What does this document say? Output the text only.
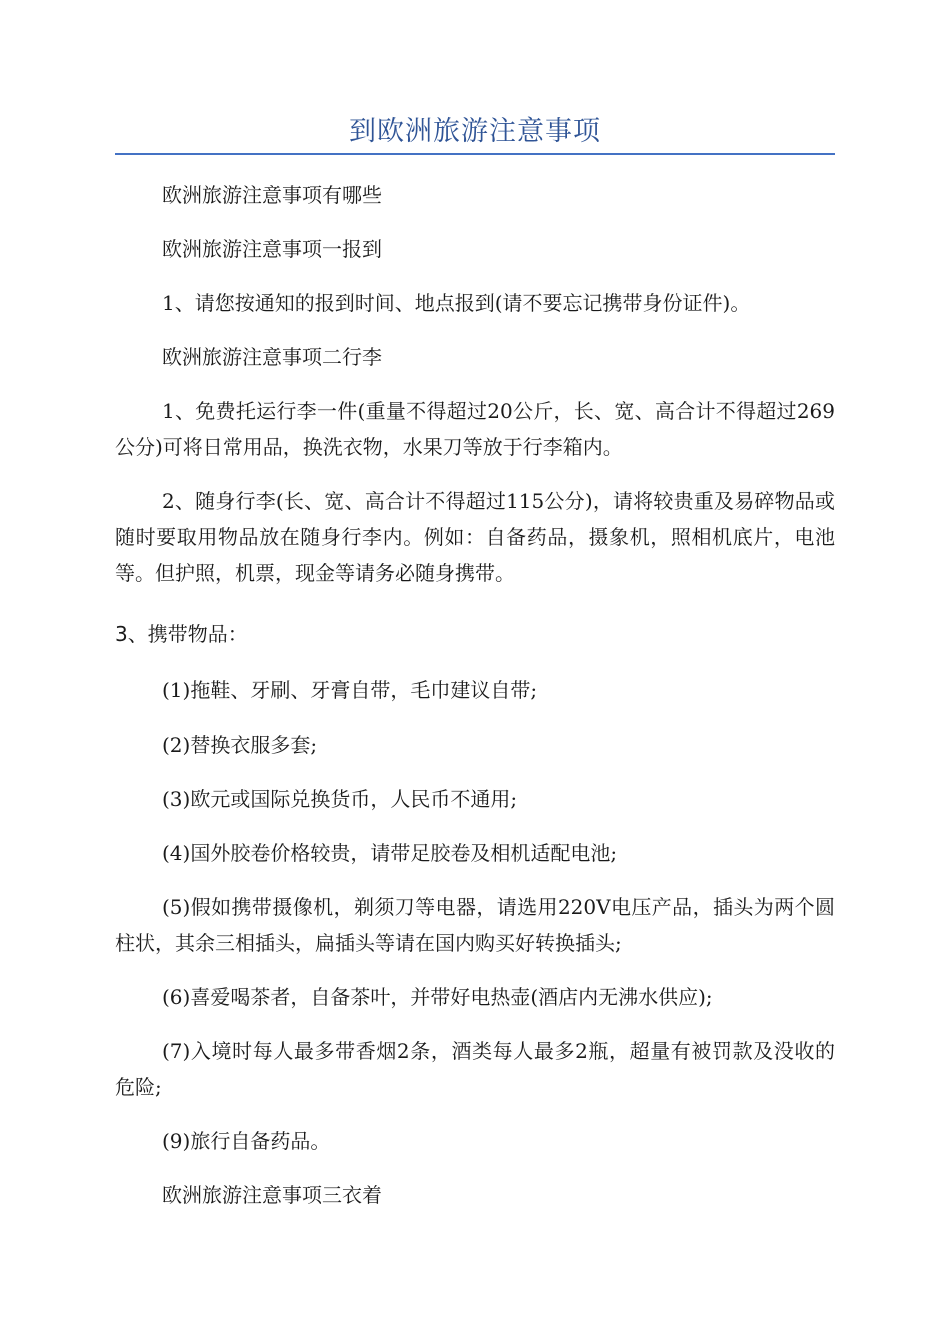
到欧洲旅游注意事项

欧洲旅游注意事项有哪些

欧洲旅游注意事项一报到

1、请您按通知的报到时间、地点报到(请不要忘记携带身份证件)。

欧洲旅游注意事项二行李

1、免费托运行李一件(重量不得超过20公斤，长、宽、高合计不得超过269公分)可将日常用品，换洗衣物，水果刀等放于行李箱内。

2、随身行李(长、宽、高合计不得超过115公分)，请将较贵重及易碎物品或随时要取用物品放在随身行李内。例如：自备药品，摄象机，照相机底片，电池等。但护照，机票，现金等请务必随身携带。

3、携带物品：

(1)拖鞋、牙刷、牙膏自带，毛巾建议自带;

(2)替换衣服多套;

(3)欧元或国际兑换货币，人民币不通用;

(4)国外胶卷价格较贵，请带足胶卷及相机适配电池;

(5)假如携带摄像机，剃须刀等电器，请选用220V电压产品，插头为两个圆柱状，其余三相插头，扁插头等请在国内购买好转换插头;

(6)喜爱喝茶者，自备茶叶，并带好电热壶(酒店内无沸水供应);

(7)入境时每人最多带香烟2条，酒类每人最多2瓶，超量有被罚款及没收的危险;

(9)旅行自备药品。

欧洲旅游注意事项三衣着
